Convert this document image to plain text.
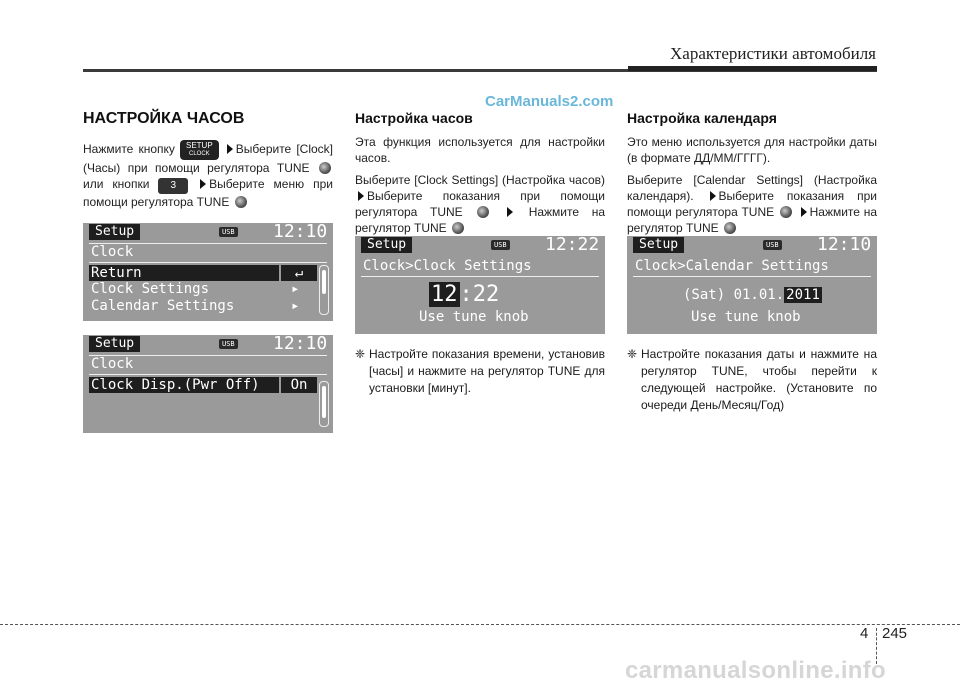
Характеристики автомобиля
CarManuals2.com
НАСТРОЙКА ЧАСОВ

Нажмите кнопку SETUP
CLOCK Выберите [Clock] (Часы) при помощи регулятора TUNE  или кнопки 3	Выберите меню при помощи регулятора TUNE

Setup	USB 12:10
Clock
Return	↵
Clock Settings	▸
Calendar Settings	▸
Setup	USB 12:10
Clock
Clock Disp.(Pwr Off)	On
Настройка часов

Эта функция используется для настройки часов.

Выберите [Clock Settings] (Настройка часов) Выберите показания при помощи регулятора TUNE	Нажмите на регулятор TUNE

Setup	USB 12:22
Clock>Clock Settings
12:22
Use tune knob

❈ Настройте показания времени, установив [часы] и нажмите на регулятор TUNE для установки [минут].

Настройка календаря

Это меню используется для настройки даты (в формате ДД/ММ/ГГГГ).

Выберите [Calendar Settings] (Настройка календаря). Выберите показания при помощи регулятора TUNE	Нажмите на регулятор TUNE

Setup	USB 12:10
Clock>Calendar Settings
(Sat) 01.01. 2011
Use tune knob

❈ Настройте показания даты и нажмите на регулятор TUNE, чтобы перейти к следующей настройке. (Установите по очереди День/Месяц/Год)

4 245
carmanualsonline.info
